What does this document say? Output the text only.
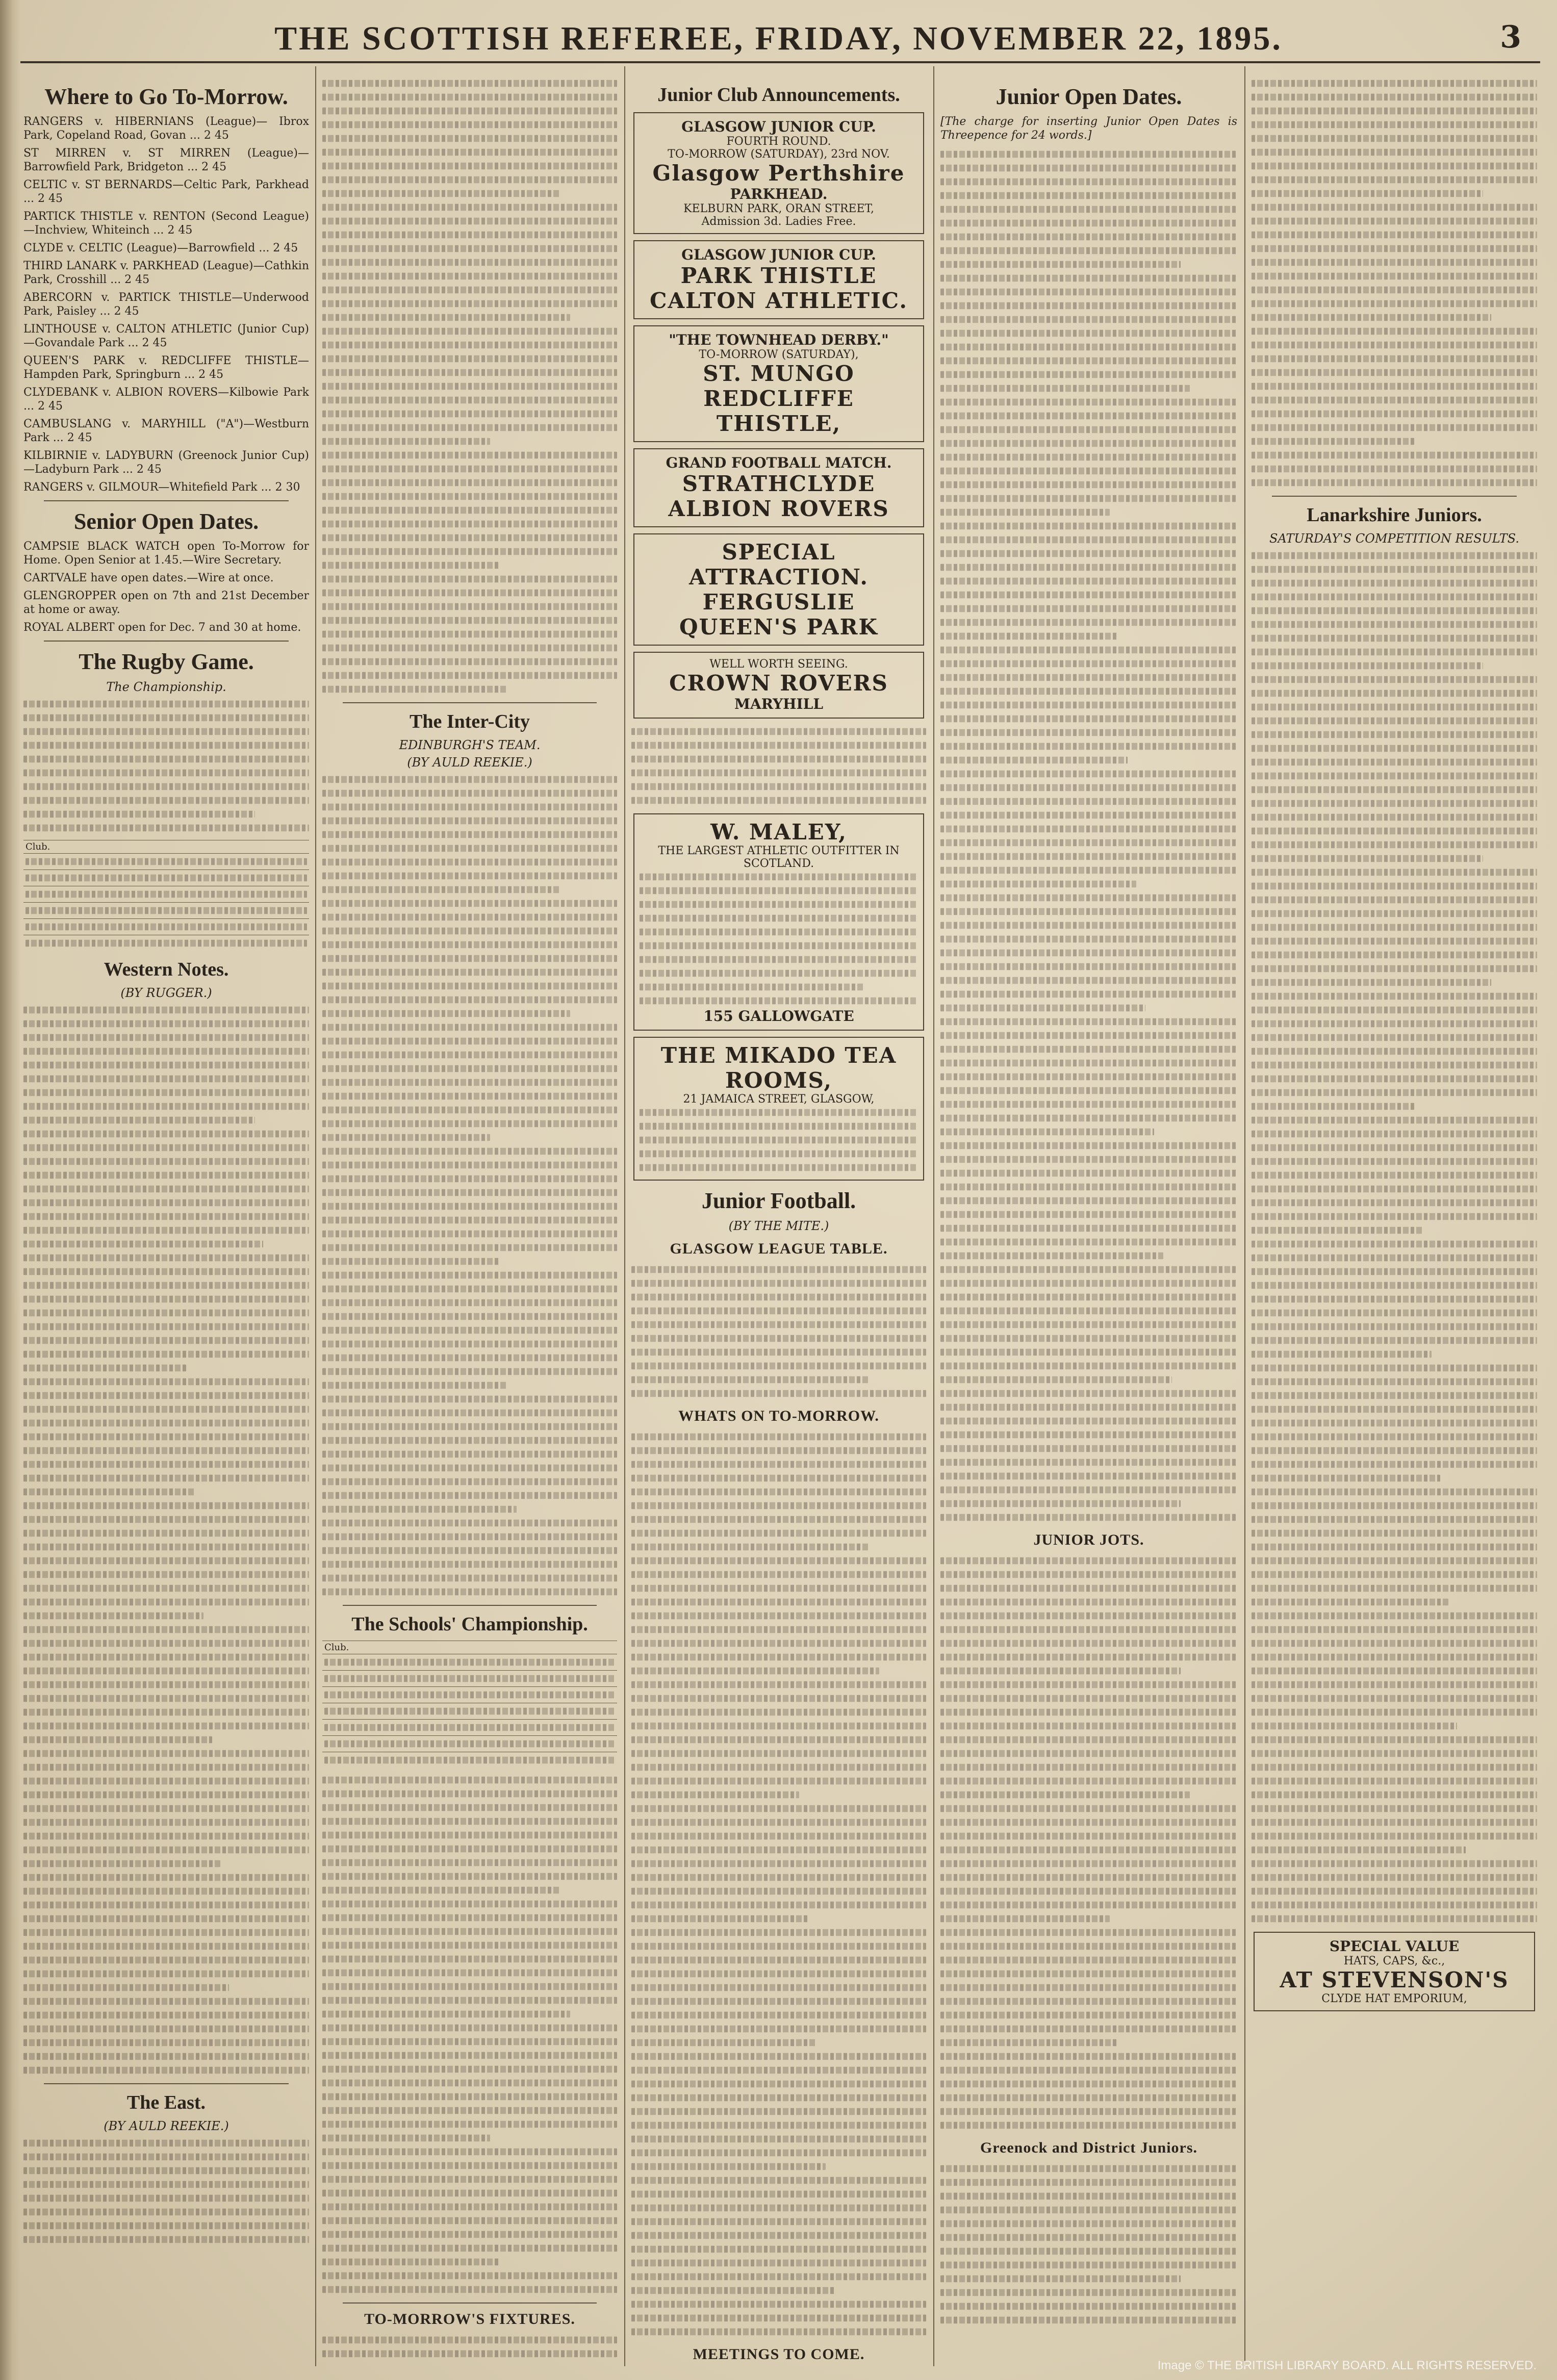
THE SCOTTISH REFEREE, FRIDAY, NOVEMBER 22, 1895.	3
Where to Go To-Morrow.
RANGERS v. HIBERNIANS (League)— Ibrox Park, Copeland Road, Govan ... 2 45
ST MIRREN v. ST MIRREN (League)—Barrowfield Park, Bridgeton ... 2 45
CELTIC v. ST BERNARDS—Celtic Park, Parkhead ... 2 45
PARTICK THISTLE v. RENTON (Second League)—Inchview, Whiteinch ... 2 45
CLYDE v. CELTIC (League)—Barrowfield ... 2 45
THIRD LANARK v. PARKHEAD (League)—Cathkin Park, Crosshill ... 2 45
ABERCORN v. PARTICK THISTLE—Underwood Park, Paisley ... 2 45
LINTHOUSE v. CALTON ATHLETIC (Junior Cup)—Govandale Park ... 2 45
QUEEN'S PARK v. REDCLIFFE THISTLE—Hampden Park, Springburn ... 2 45
CLYDEBANK v. ALBION ROVERS—Kilbowie Park ... 2 45
CAMBUSLANG v. MARYHILL ("A")—Westburn Park ... 2 45
KILBIRNIE v. LADYBURN (Greenock Junior Cup)—Ladyburn Park ... 2 45
RANGERS v. GILMOUR—Whitefield Park ... 2 30
Senior Open Dates.
CAMPSIE BLACK WATCH open To-Morrow for Home. Open Senior at 1.45.—Wire Secretary.
CARTVALE have open dates.—Wire at once.
GLENGROPPER open on 7th and 21st December at home or away.
ROYAL ALBERT open for Dec. 7 and 30 at home.
The Rugby Game.
The Championship.
Club.				

Western Notes.
(BY RUGGER.)
The East.
(BY AULD REEKIE.)
The Inter-City
EDINBURGH'S TEAM.
(BY AULD REEKIE.)
The Schools' Championship.
Club.			

TO-MORROW'S FIXTURES.
Junior Club Announcements.
GLASGOW JUNIOR CUP.
FOURTH ROUND.
TO-MORROW (SATURDAY), 23rd NOV.
Glasgow Perthshire
PARKHEAD.
KELBURN PARK, ORAN STREET,
Admission 3d. Ladies Free.
GLASGOW JUNIOR CUP.
PARK THISTLE
CALTON ATHLETIC.
"THE TOWNHEAD DERBY."
TO-MORROW (SATURDAY),
ST. MUNGO
REDCLIFFE THISTLE,
GRAND FOOTBALL MATCH.
STRATHCLYDE
ALBION ROVERS
SPECIAL ATTRACTION.
FERGUSLIE
QUEEN'S PARK
WELL WORTH SEEING.
CROWN ROVERS
MARYHILL
W. MALEY,
THE LARGEST ATHLETIC OUTFITTER IN SCOTLAND.
155 GALLOWGATE
THE MIKADO TEA ROOMS,
21 JAMAICA STREET, GLASGOW,
Junior Football.
(BY THE MITE.)
GLASGOW LEAGUE TABLE.
WHATS ON TO-MORROW.
MEETINGS TO COME.
Junior Open Dates.
[The charge for inserting Junior Open Dates is Threepence for 24 words.]
JUNIOR JOTS.
Greenock and District Juniors.
Lanarkshire Juniors.
SATURDAY'S COMPETITION RESULTS.
SPECIAL VALUE
HATS, CAPS, &c.,
AT STEVENSON'S
CLYDE HAT EMPORIUM,
Image © THE BRITISH LIBRARY BOARD. ALL RIGHTS RESERVED.
